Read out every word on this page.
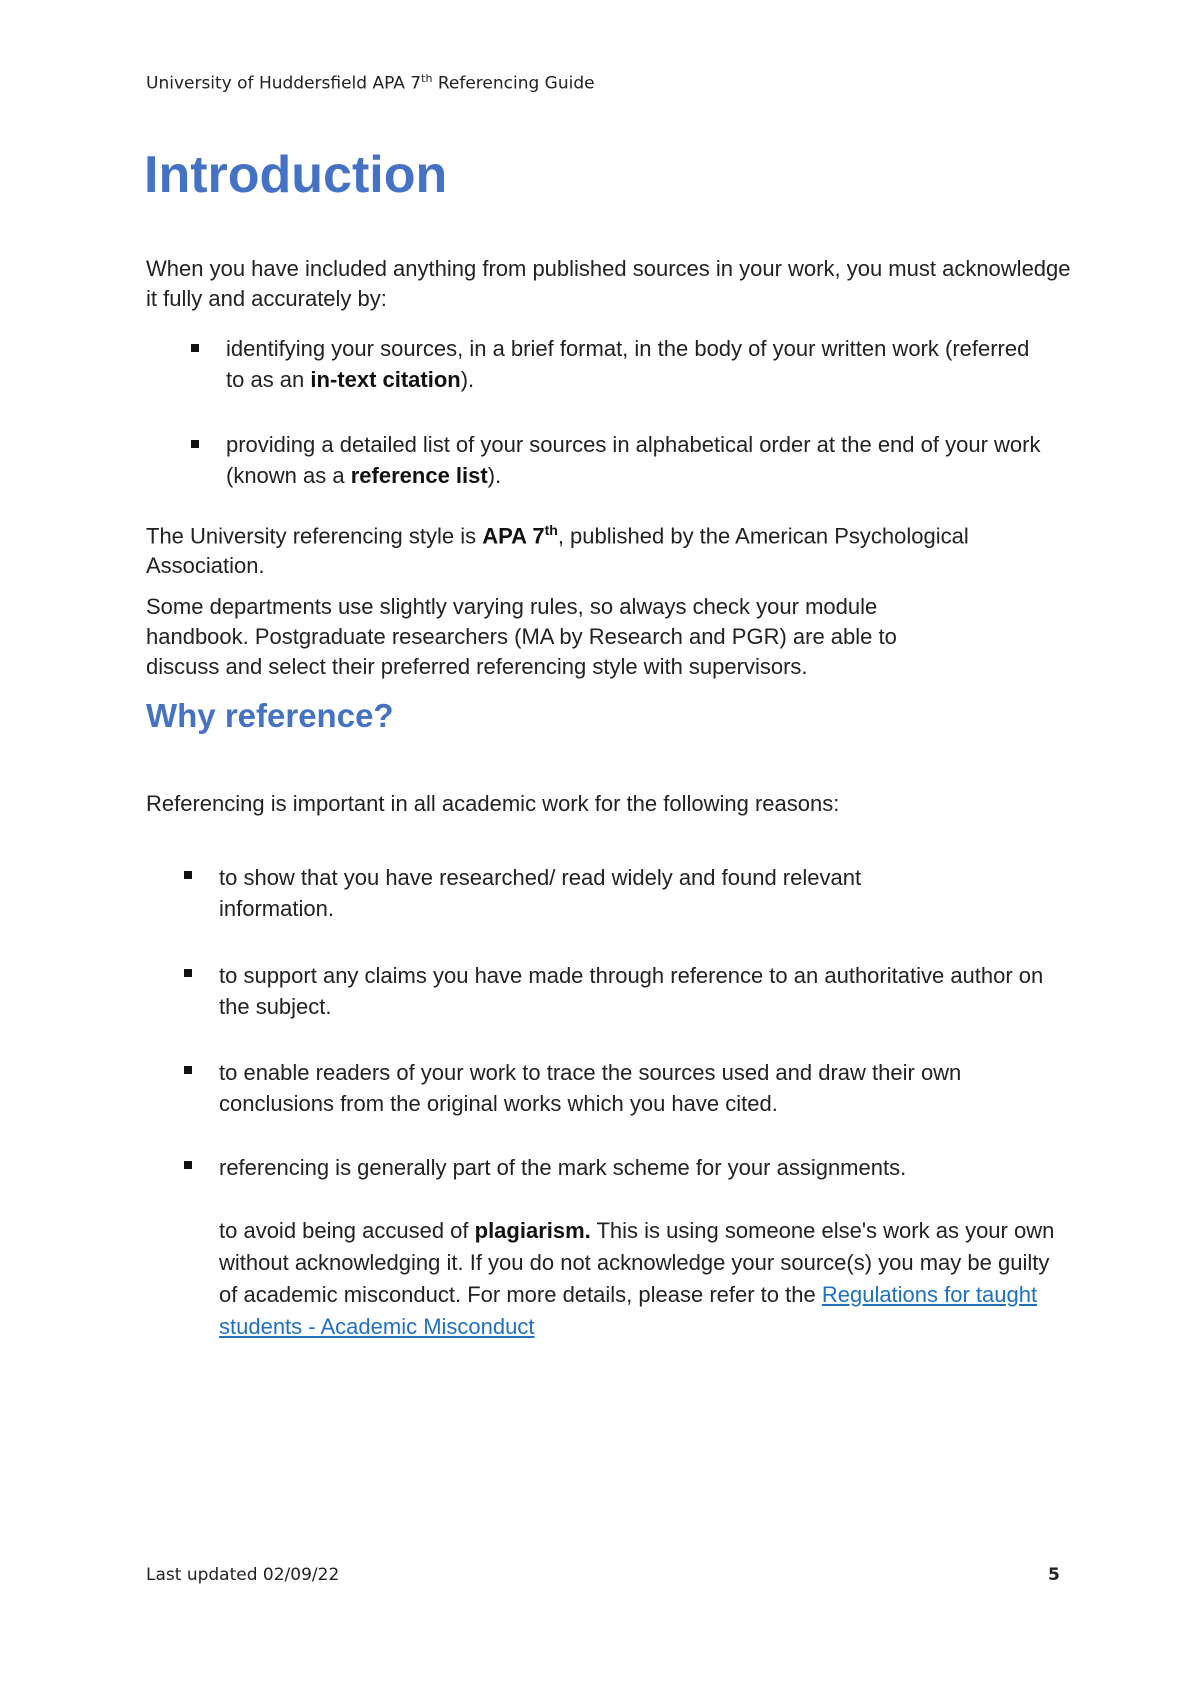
University of Huddersfield APA 7th Referencing Guide
Introduction

When you have included anything from published sources in your work, you must acknowledge it fully and accurately by:

identifying your sources, in a brief format, in the body of your written work (referred to as an in-text citation).
providing a detailed list of your sources in alphabetical order at the end of your work (known as a reference list).

The University referencing style is APA 7th, published by the American Psychological Association.

Some departments use slightly varying rules, so always check your module handbook. Postgraduate researchers (MA by Research and PGR) are able to discuss and select their preferred referencing style with supervisors.

Why reference?

Referencing is important in all academic work for the following reasons:

to show that you have researched/ read widely and found relevant information.
to support any claims you have made through reference to an authoritative author on the subject.
to enable readers of your work to trace the sources used and draw their own conclusions from the original works which you have cited.
referencing is generally part of the mark scheme for your assignments.
to avoid being accused of plagiarism. This is using someone else's work as your own without acknowledging it. If you do not acknowledge your source(s) you may be guilty of academic misconduct. For more details, please refer to the Regulations for taught students - Academic Misconduct
Last updated 02/09/22	5
